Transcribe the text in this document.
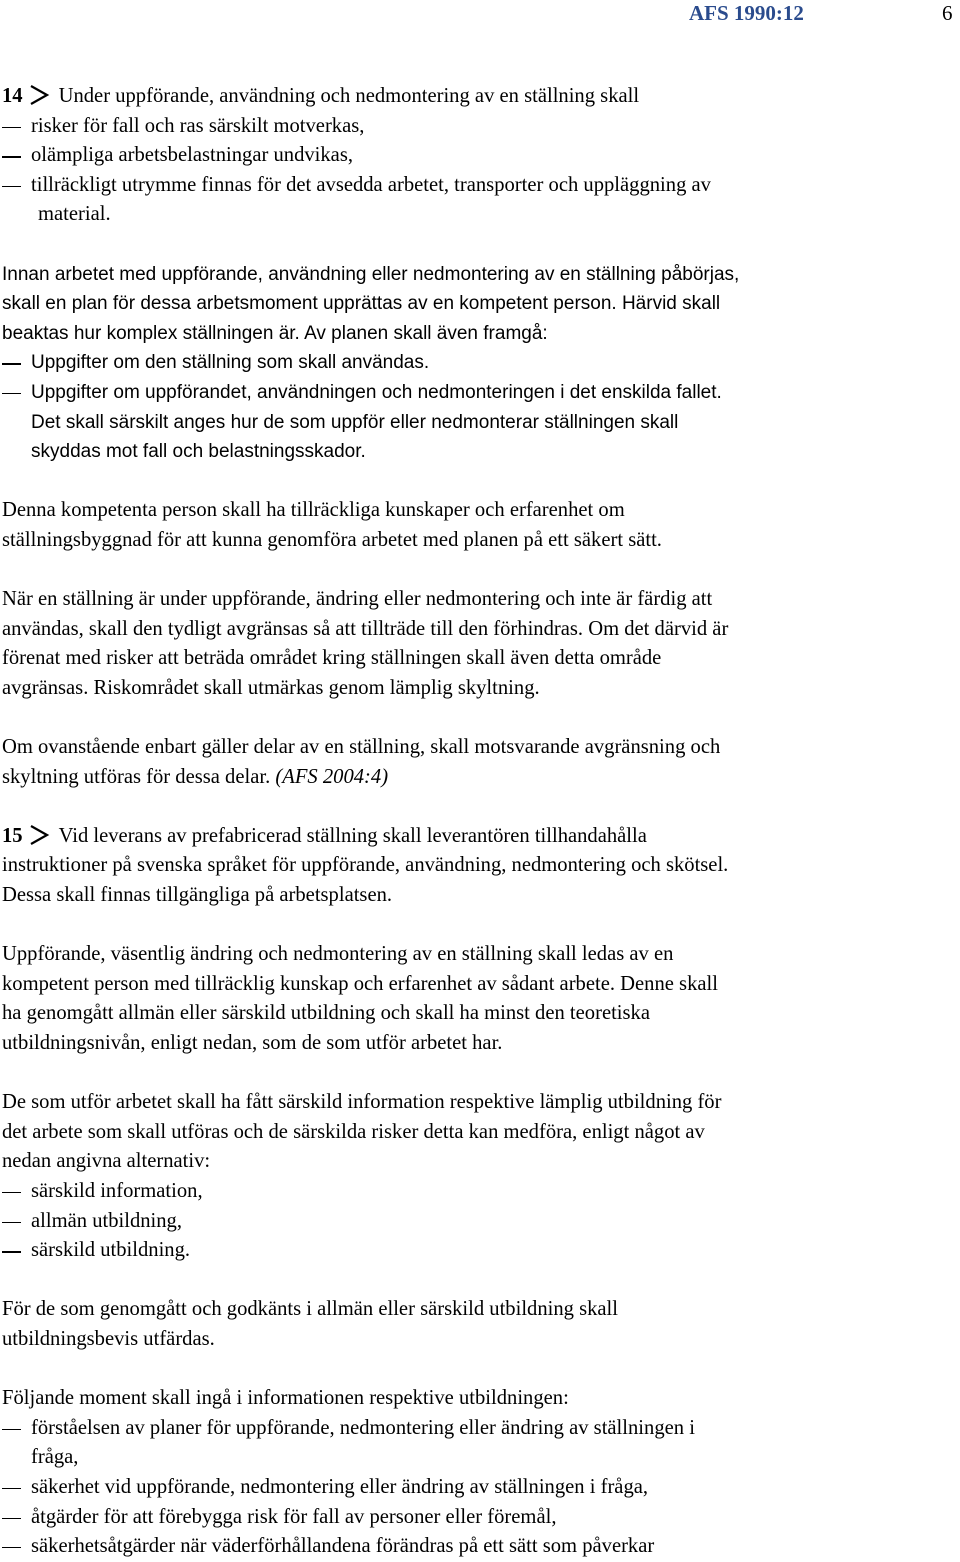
AFS 1990:12	6
14 Under uppförande, användning och nedmontering av en ställning skall
risker för fall och ras särskilt motverkas,
olämpliga arbetsbelastningar undvikas,
tillräckligt utrymme finnas för det avsedda arbetet, transporter och uppläggning av
material.
Innan arbetet med uppförande, användning eller nedmontering av en ställning påbörjas,
skall en plan för dessa arbetsmoment upprättas av en kompetent person. Härvid skall
beaktas hur komplex ställningen är. Av planen skall även framgå:
Uppgifter om den ställning som skall användas.
Uppgifter om uppförandet, användningen och nedmonteringen i det enskilda fallet.
Det skall särskilt anges hur de som uppför eller nedmonterar ställningen skall
skyddas mot fall och belastningsskador.
Denna kompetenta person skall ha tillräckliga kunskaper och erfarenhet om
ställningsbyggnad för att kunna genomföra arbetet med planen på ett säkert sätt.
När en ställning är under uppförande, ändring eller nedmontering och inte är färdig att
användas, skall den tydligt avgränsas så att tillträde till den förhindras. Om det därvid är
förenat med risker att beträda området kring ställningen skall även detta område
avgränsas. Riskområdet skall utmärkas genom lämplig skyltning.
Om ovanstående enbart gäller delar av en ställning, skall motsvarande avgränsning och
skyltning utföras för dessa delar. (AFS 2004:4)
15 Vid leverans av prefabricerad ställning skall leverantören tillhandahålla
instruktioner på svenska språket för uppförande, användning, nedmontering och skötsel.
Dessa skall finnas tillgängliga på arbetsplatsen.
Uppförande, väsentlig ändring och nedmontering av en ställning skall ledas av en
kompetent person med tillräcklig kunskap och erfarenhet av sådant arbete. Denne skall
ha genomgått allmän eller särskild utbildning och skall ha minst den teoretiska
utbildningsnivån, enligt nedan, som de som utför arbetet har.
De som utför arbetet skall ha fått särskild information respektive lämplig utbildning för
det arbete som skall utföras och de särskilda risker detta kan medföra, enligt något av
nedan angivna alternativ:
särskild information,
allmän utbildning,
särskild utbildning.
För de som genomgått och godkänts i allmän eller särskild utbildning skall
utbildningsbevis utfärdas.
Följande moment skall ingå i informationen respektive utbildningen:
förståelsen av planer för uppförande, nedmontering eller ändring av ställningen i
fråga,
säkerhet vid uppförande, nedmontering eller ändring av ställningen i fråga,
åtgärder för att förebygga risk för fall av personer eller föremål,
säkerhetsåtgärder när väderförhållandena förändras på ett sätt som påverkar
